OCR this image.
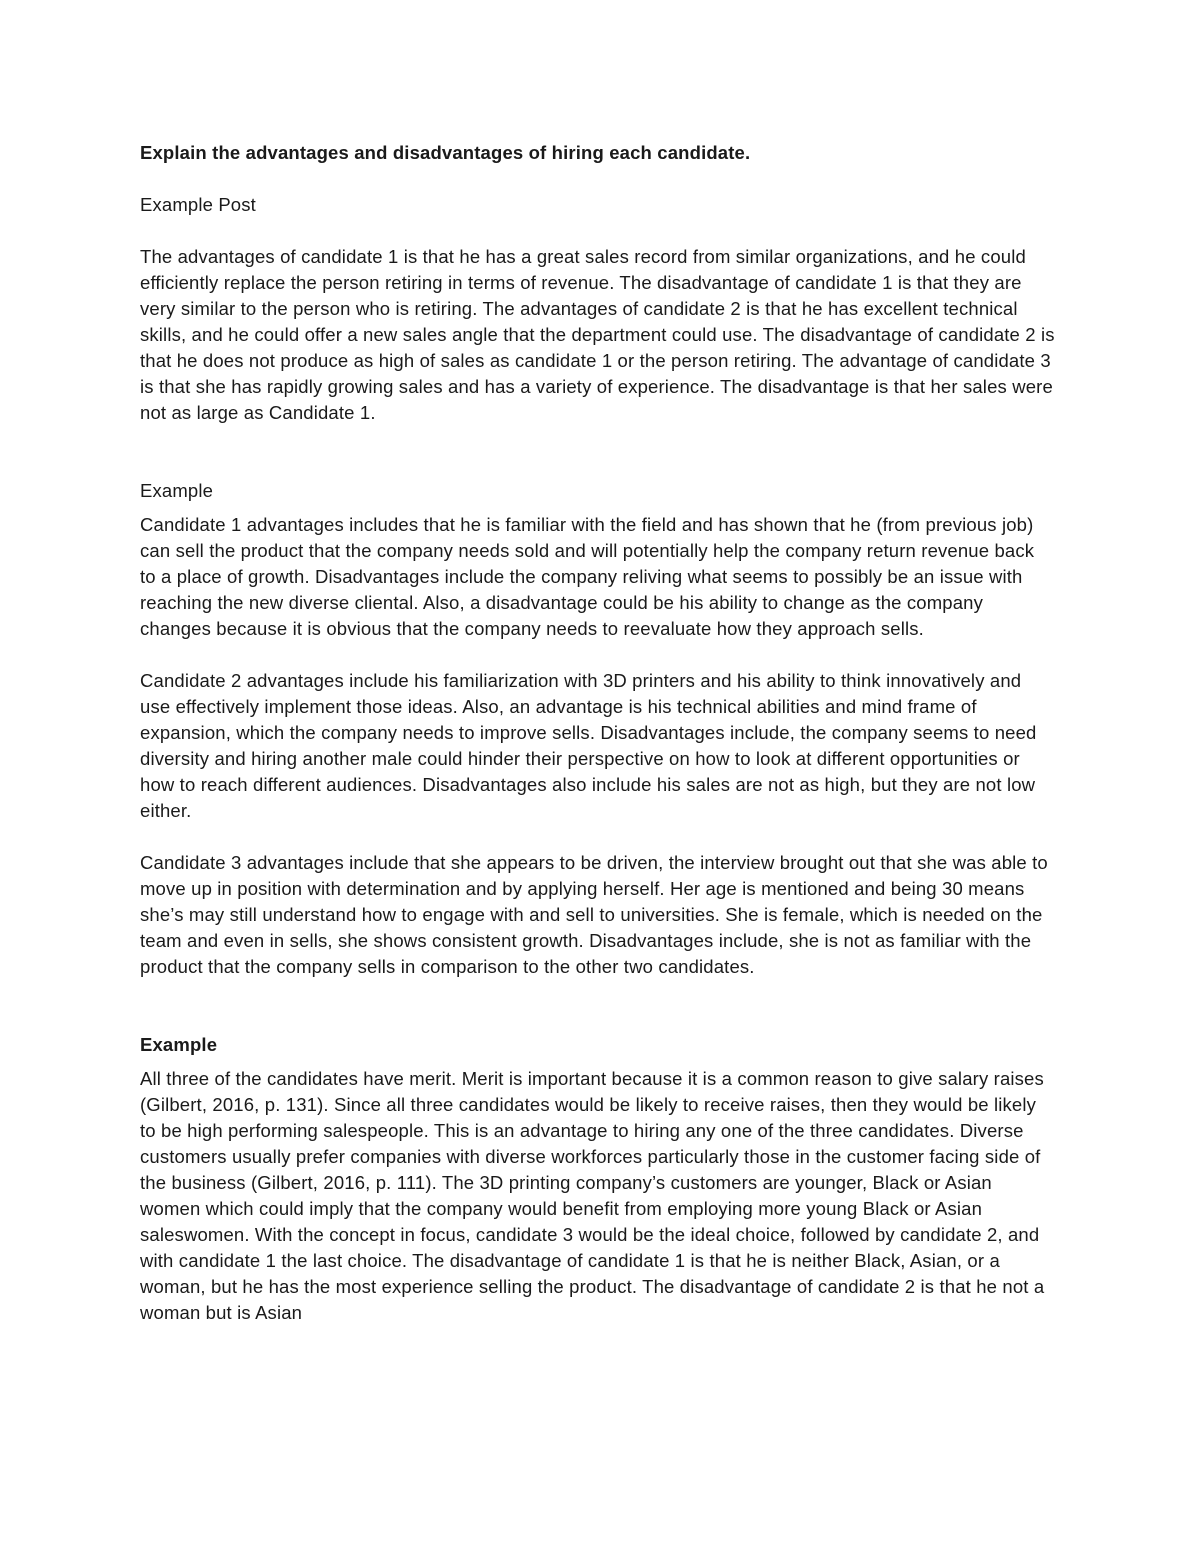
Explain the advantages and disadvantages of hiring each candidate.

Example Post

The advantages of candidate 1 is that he has a great sales record from similar organizations, and he could efficiently replace the person retiring in terms of revenue. The disadvantage of candidate 1 is that they are very similar to the person who is retiring. The advantages of candidate 2 is that he has excellent technical skills, and he could offer a new sales angle that the department could use. The disadvantage of candidate 2 is that he does not produce as high of sales as candidate 1 or the person retiring. The advantage of candidate 3 is that she has rapidly growing sales and has a variety of experience. The disadvantage is that her sales were not as large as Candidate 1.

Example

Candidate 1 advantages includes that he is familiar with the field and has shown that he (from previous job) can sell the product that the company needs sold and will potentially help the company return revenue back to a place of growth. Disadvantages include the company reliving what seems to possibly be an issue with reaching the new diverse cliental. Also, a disadvantage could be his ability to change as the company changes because it is obvious that the company needs to reevaluate how they approach sells.

Candidate 2 advantages include his familiarization with 3D printers and his ability to think innovatively and use effectively implement those ideas. Also, an advantage is his technical abilities and mind frame of expansion, which the company needs to improve sells. Disadvantages include, the company seems to need diversity and hiring another male could hinder their perspective on how to look at different opportunities or how to reach different audiences. Disadvantages also include his sales are not as high, but they are not low either.

Candidate 3 advantages include that she appears to be driven, the interview brought out that she was able to move up in position with determination and by applying herself. Her age is mentioned and being 30 means she’s may still understand how to engage with and sell to universities. She is female, which is needed on the team and even in sells, she shows consistent growth. Disadvantages include, she is not as familiar with the product that the company sells in comparison to the other two candidates.

Example

All three of the candidates have merit. Merit is important because it is a common reason to give salary raises (Gilbert, 2016, p. 131). Since all three candidates would be likely to receive raises, then they would be likely to be high performing salespeople. This is an advantage to hiring any one of the three candidates. Diverse customers usually prefer companies with diverse workforces particularly those in the customer facing side of the business (Gilbert, 2016, p. 111). The 3D printing company’s customers are younger, Black or Asian women which could imply that the company would benefit from employing more young Black or Asian saleswomen. With the concept in focus, candidate 3 would be the ideal choice, followed by candidate 2, and with candidate 1 the last choice. The disadvantage of candidate 1 is that he is neither Black, Asian, or a woman, but he has the most experience selling the product. The disadvantage of candidate 2 is that he not a woman but is Asian
